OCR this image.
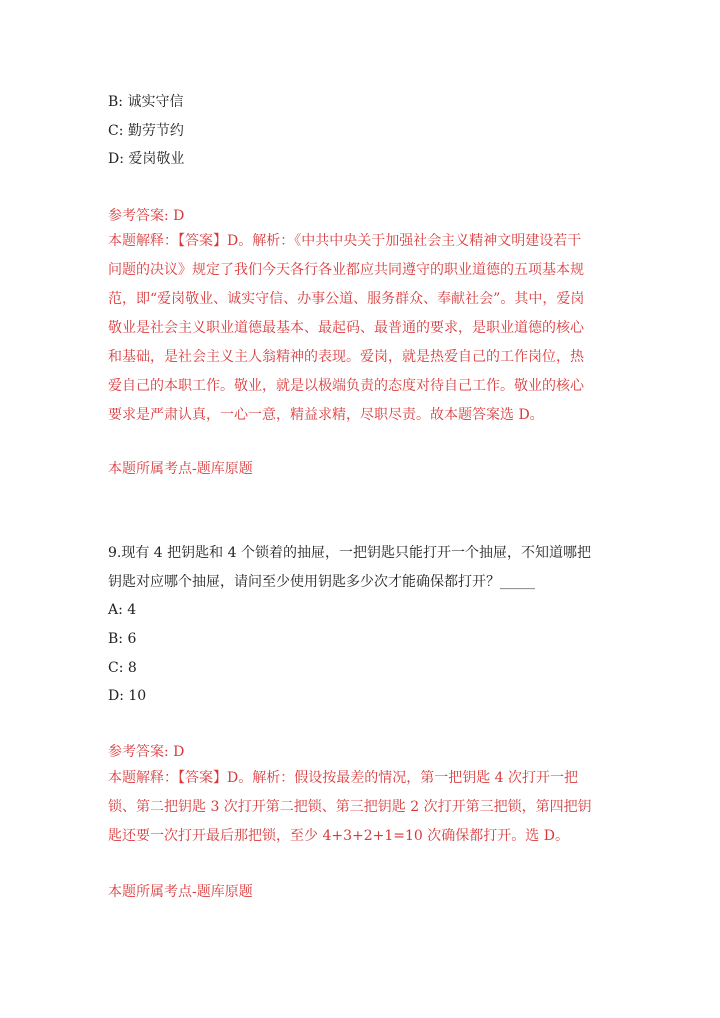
B: 诚实守信
C: 勤劳节约
D: 爱岗敬业
参考答案: D
本题解释：【答案】D。解析：《中共中央关于加强社会主义精神文明建设若干
问题的决议》规定了我们今天各行各业都应共同遵守的职业道德的五项基本规
范，即“爱岗敬业、诚实守信、办事公道、服务群众、奉献社会”。其中，爱岗
敬业是社会主义职业道德最基本、最起码、最普通的要求，是职业道德的核心
和基础，是社会主义主人翁精神的表现。爱岗，就是热爱自己的工作岗位，热
爱自己的本职工作。敬业，就是以极端负责的态度对待自己工作。敬业的核心
要求是严肃认真，一心一意，精益求精，尽职尽责。故本题答案选 D。
本题所属考点-题库原题
9.现有 4 把钥匙和 4 个锁着的抽屉，一把钥匙只能打开一个抽屉，不知道哪把
钥匙对应哪个抽屉，请问至少使用钥匙多少次才能确保都打开？_____
A: 4
B: 6
C: 8
D: 10
参考答案: D
本题解释：【答案】D。解析：假设按最差的情况，第一把钥匙 4 次打开一把
锁、第二把钥匙 3 次打开第二把锁、第三把钥匙 2 次打开第三把锁，第四把钥
匙还要一次打开最后那把锁，至少 4+3+2+1=10 次确保都打开。选 D。
本题所属考点-题库原题
